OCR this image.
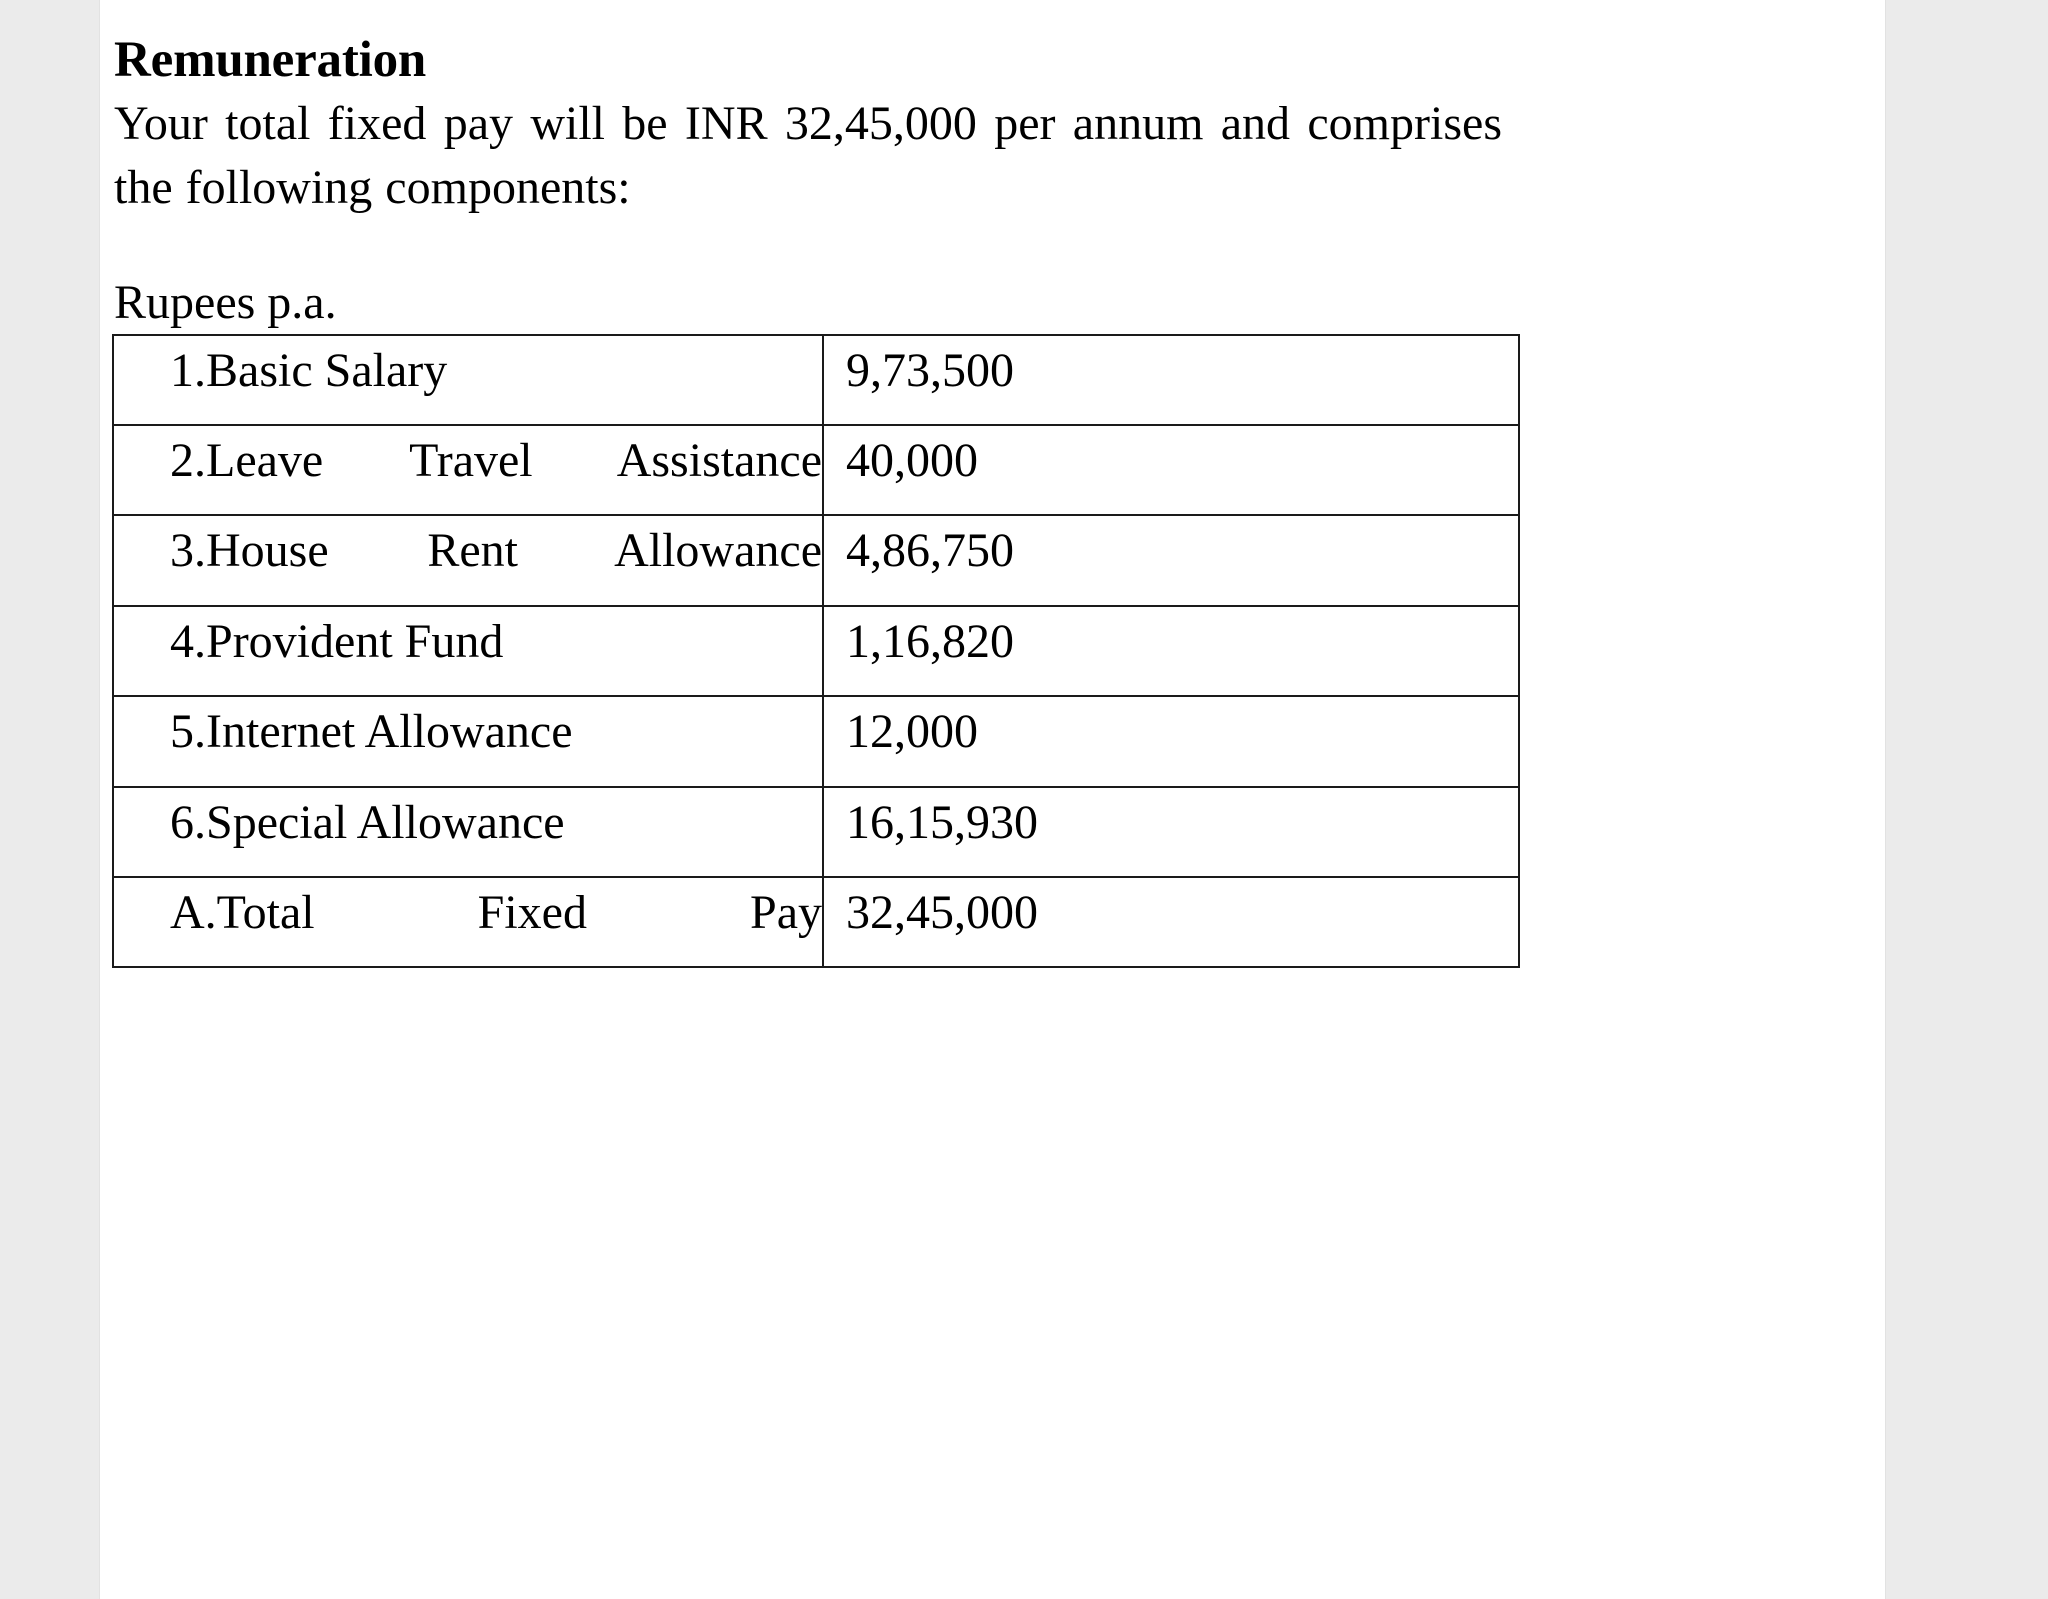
Remuneration

Your total fixed pay will be INR 32,45,000 per annum and comprises the following components:

Rupees p.a.

1.Basic Salary	9,73,500

2.Leave Travel Assistance	40,000

3.House Rent Allowance	4,86,750

4.Provident Fund	1,16,820

5.Internet Allowance	12,000

6.Special Allowance	16,15,930

A.Total Fixed Pay	32,45,000
